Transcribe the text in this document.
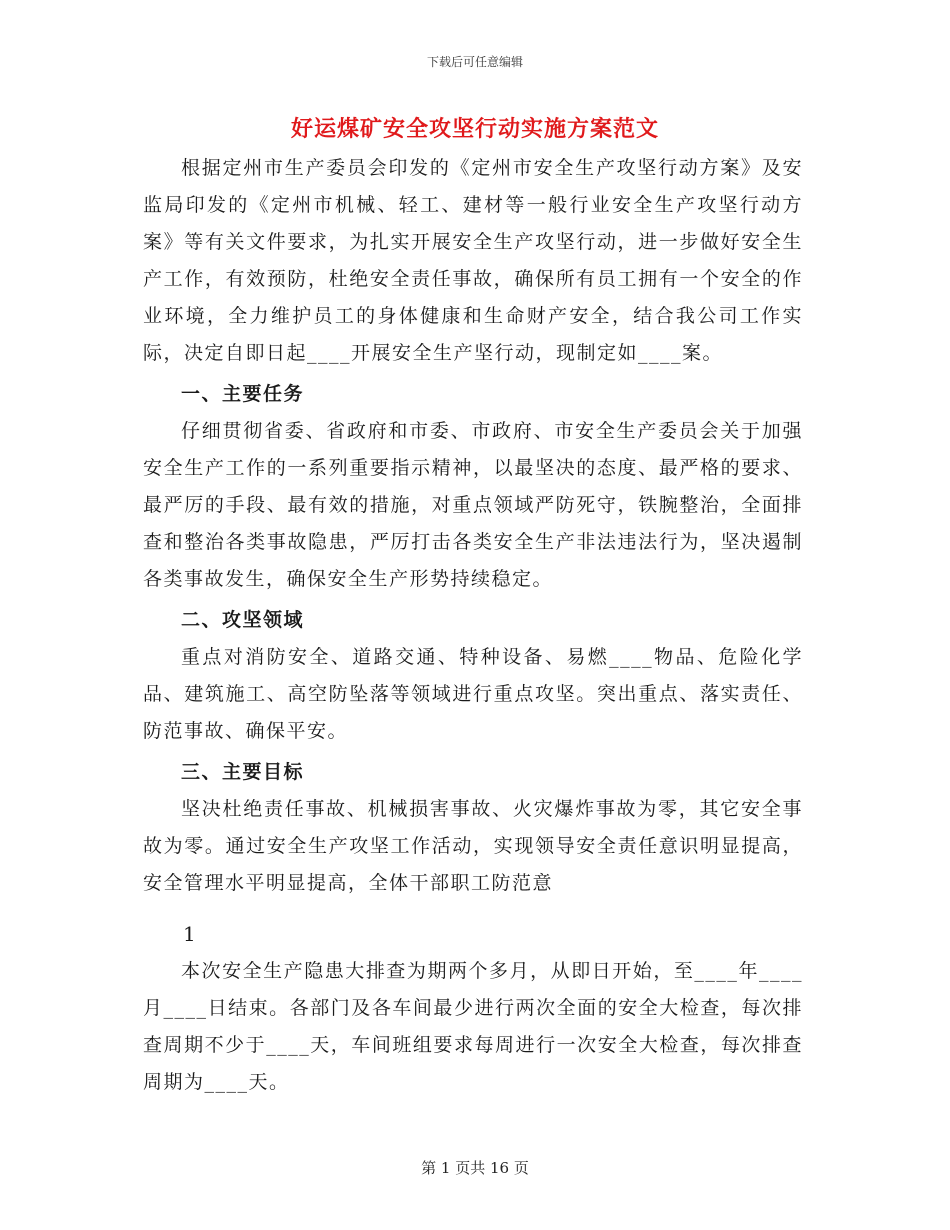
下载后可任意编辑
好运煤矿安全攻坚行动实施方案范文

根据定州市生产委员会印发的《定州市安全生产攻坚行动方案》及安监局印发的《定州市机械、轻工、建材等一般行业安全生产攻坚行动方案》等有关文件要求，为扎实开展安全生产攻坚行动，进一步做好安全生产工作，有效预防，杜绝安全责任事故，确保所有员工拥有一个安全的作业环境，全力维护员工的身体健康和生命财产安全，结合我公司工作实际，决定自即日起____开展安全生产坚行动，现制定如____案。

一、主要任务

仔细贯彻省委、省政府和市委、市政府、市安全生产委员会关于加强安全生产工作的一系列重要指示精神，以最坚决的态度、最严格的要求、最严厉的手段、最有效的措施，对重点领域严防死守，铁腕整治，全面排查和整治各类事故隐患，严厉打击各类安全生产非法违法行为，坚决遏制各类事故发生，确保安全生产形势持续稳定。

二、攻坚领域

重点对消防安全、道路交通、特种设备、易燃____物品、危险化学品、建筑施工、高空防坠落等领域进行重点攻坚。突出重点、落实责任、防范事故、确保平安。

三、主要目标

坚决杜绝责任事故、机械损害事故、火灾爆炸事故为零，其它安全事故为零。通过安全生产攻坚工作活动，实现领导安全责任意识明显提高，安全管理水平明显提高，全体干部职工防范意

1

本次安全生产隐患大排查为期两个多月，从即日开始，至____年____月____日结束。各部门及各车间最少进行两次全面的安全大检查，每次排查周期不少于____天，车间班组要求每周进行一次安全大检查，每次排查周期为____天。

第 1 页共 16 页
